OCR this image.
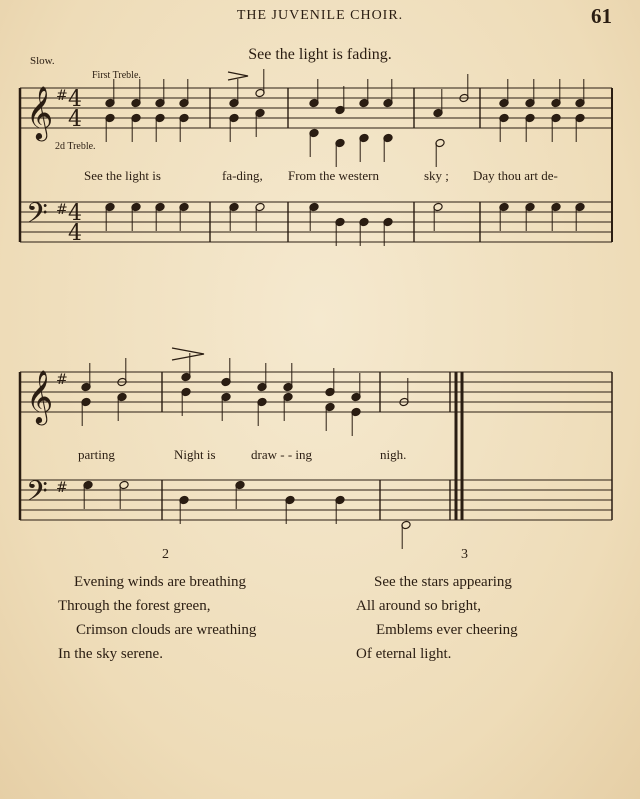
THE JUVENILE CHOIR.	61
See the light is fading.
Slow.
First Treble.
2d Treble.
𝄞
𝄢
#
#
4
4
4
4
𝄞
𝄢
#
#
See the light is	fa-ding, From the western	sky ; Day thou art de-
parting	Night is	draw - - ing	nigh.
2	3
Evening winds are breathing
Through the forest green,
Crimson clouds are wreathing
In the sky serene.
See the stars appearing
All around so bright,
Emblems ever cheering
Of eternal light.
